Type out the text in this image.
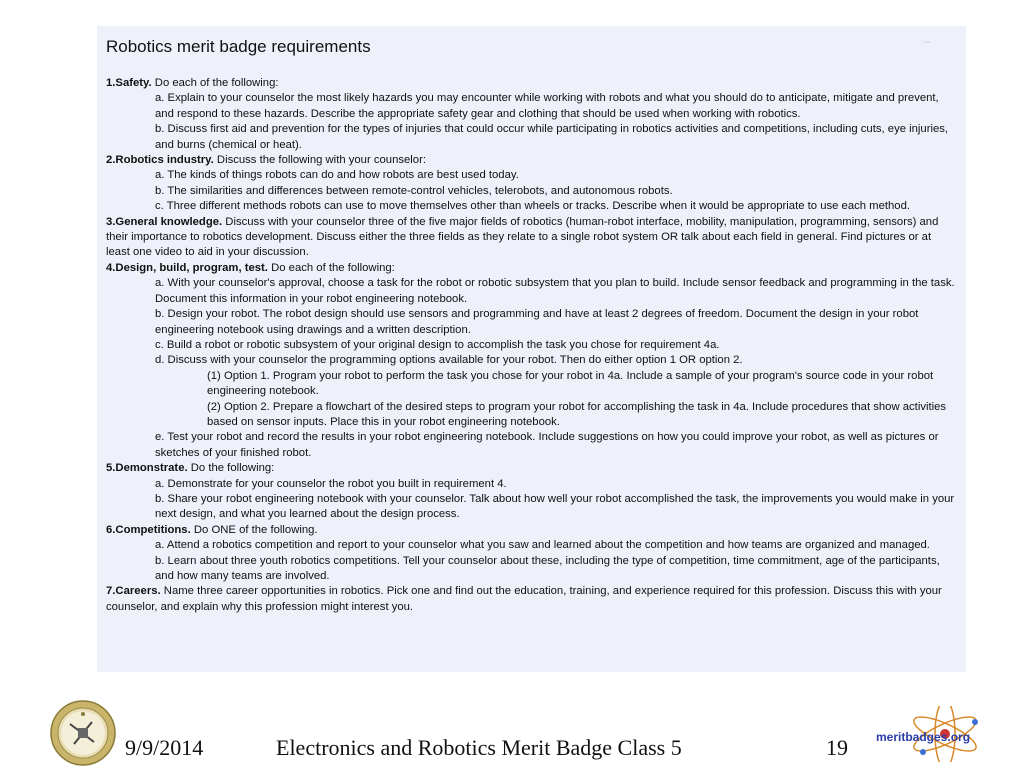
–
Robotics merit badge requirements
1.Safety. Do each of the following:
a. Explain to your counselor the most likely hazards you may encounter while working with robots and what you should do to anticipate, mitigate and prevent, and respond to these hazards. Describe the appropriate safety gear and clothing that should be used when working with robotics.
b. Discuss first aid and prevention for the types of injuries that could occur while participating in robotics activities and competitions, including cuts, eye injuries, and burns (chemical or heat).
2.Robotics industry. Discuss the following with your counselor:
a. The kinds of things robots can do and how robots are best used today.
b. The similarities and differences between remote-control vehicles, telerobots, and autonomous robots.
c. Three different methods robots can use to move themselves other than wheels or tracks. Describe when it would be appropriate to use each method.
3.General knowledge. Discuss with your counselor three of the five major fields of robotics (human-robot interface, mobility, manipulation, programming, sensors) and their importance to robotics development. Discuss either the three fields as they relate to a single robot system OR talk about each field in general. Find pictures or at least one video to aid in your discussion.
4.Design, build, program, test. Do each of the following:
a. With your counselor's approval, choose a task for the robot or robotic subsystem that you plan to build. Include sensor feedback and programming in the task. Document this information in your robot engineering notebook.
b. Design your robot. The robot design should use sensors and programming and have at least 2 degrees of freedom. Document the design in your robot engineering notebook using drawings and a written description.
c. Build a robot or robotic subsystem of your original design to accomplish the task you chose for requirement 4a.
d. Discuss with your counselor the programming options available for your robot. Then do either option 1 OR option 2.
(1) Option 1. Program your robot to perform the task you chose for your robot in 4a. Include a sample of your program's source code in your robot engineering notebook.
(2) Option 2. Prepare a flowchart of the desired steps to program your robot for accomplishing the task in 4a. Include procedures that show activities based on sensor inputs. Place this in your robot engineering notebook.
e. Test your robot and record the results in your robot engineering notebook. Include suggestions on how you could improve your robot, as well as pictures or sketches of your finished robot.
5.Demonstrate. Do the following:
a. Demonstrate for your counselor the robot you built in requirement 4.
b. Share your robot engineering notebook with your counselor. Talk about how well your robot accomplished the task, the improvements you would make in your next design, and what you learned about the design process.
6.Competitions. Do ONE of the following.
a. Attend a robotics competition and report to your counselor what you saw and learned about the competition and how teams are organized and managed.
b. Learn about three youth robotics competitions. Tell your counselor about these, including the type of competition, time commitment, age of the participants, and how many teams are involved.
7.Careers. Name three career opportunities in robotics. Pick one and find out the education, training, and experience required for this profession. Discuss this with your counselor, and explain why this profession might interest you.
9/9/2014	Electronics and Robotics Merit Badge Class 5	19 meritbadges.org
